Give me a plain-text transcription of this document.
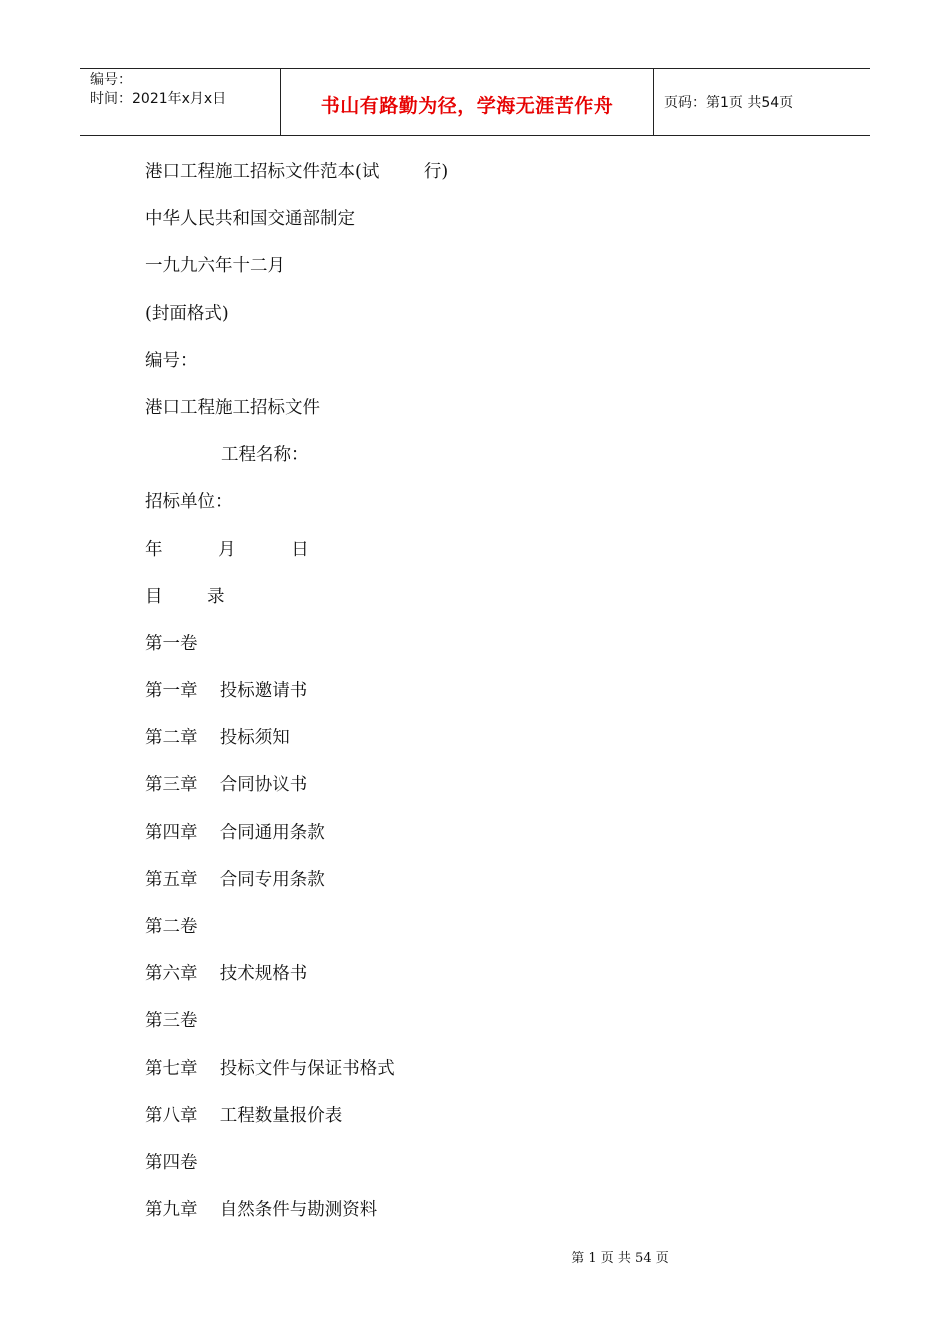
编号：
时间：2021年x月x日	书山有路勤为径，学海无涯苦作舟	页码：第1页 共54页
港口工程施工招标文件范本(试        行)
中华人民共和国交通部制定
一九九六年十二月
(封面格式)
编号：
港口工程施工招标文件
工程名称：
招标单位：
年          月          日
目        录
第一卷
第一章    投标邀请书
第二章    投标须知
第三章    合同协议书
第四章    合同通用条款
第五章    合同专用条款
第二卷
第六章    技术规格书
第三卷
第七章    投标文件与保证书格式
第八章    工程数量报价表
第四卷
第九章    自然条件与勘测资料
第 1 页 共 54 页
